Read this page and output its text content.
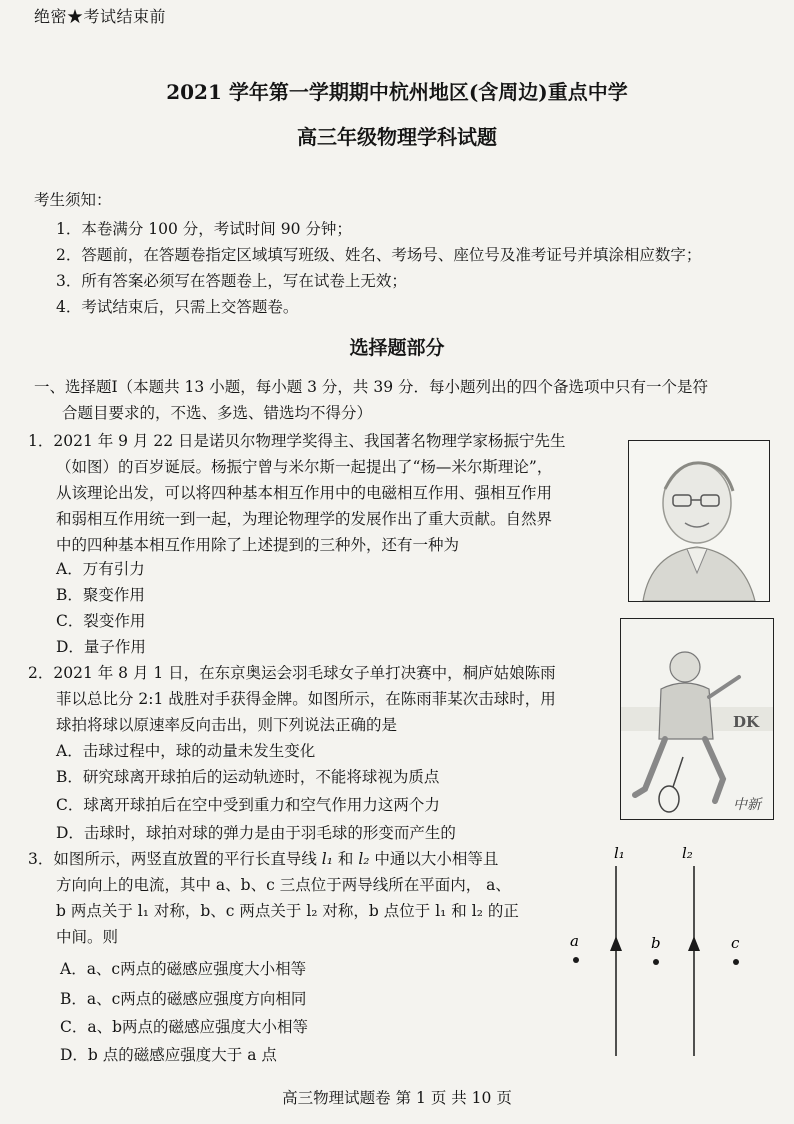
绝密★考试结束前
2021 学年第一学期期中杭州地区(含周边)重点中学
高三年级物理学科试题
考生须知：
1．本卷满分 100 分，考试时间 90 分钟；
2．答题前，在答题卷指定区域填写班级、姓名、考场号、座位号及准考证号并填涂相应数字；
3．所有答案必须写在答题卷上，写在试卷上无效；
4．考试结束后，只需上交答题卷。
选择题部分
一、选择题Ⅰ（本题共 13 小题，每小题 3 分，共 39 分．每小题列出的四个备选项中只有一个是符
合题目要求的，不选、多选、错选均不得分）
1．2021 年 9 月 22 日是诺贝尔物理学奖得主、我国著名物理学家杨振宁先生
（如图）的百岁诞辰。杨振宁曾与米尔斯一起提出了“杨—米尔斯理论”，
从该理论出发，可以将四种基本相互作用中的电磁相互作用、强相互作用
和弱相互作用统一到一起，为理论物理学的发展作出了重大贡献。自然界
中的四种基本相互作用除了上述提到的三种外，还有一种为
A．万有引力
B．聚变作用
C．裂变作用
D．量子作用
2．2021 年 8 月 1 日，在东京奥运会羽毛球女子单打决赛中，桐庐姑娘陈雨
菲以总比分 2:1 战胜对手获得金牌。如图所示，在陈雨菲某次击球时，用
球拍将球以原速率反向击出，则下列说法正确的是
A．击球过程中，球的动量未发生变化
B．研究球离开球拍后的运动轨迹时，不能将球视为质点
C．球离开球拍后在空中受到重力和空气作用力这两个力
D．击球时，球拍对球的弹力是由于羽毛球的形变而产生的
DK
中新
3．如图所示，两竖直放置的平行长直导线 l₁ 和 l₂ 中通以大小相等且
方向向上的电流，其中 a、b、c 三点位于两导线所在平面内， a、
b 两点关于 l₁ 对称，b、c 两点关于 l₂ 对称，b 点位于 l₁ 和 l₂ 的正
中间。则
A．a、c两点的磁感应强度大小相等
B．a、c两点的磁感应强度方向相同
C．a、b两点的磁感应强度大小相等
D．b 点的磁感应强度大于 a 点
l₁	l₂
a	b	c
高三物理试题卷 第 1 页 共 10 页
